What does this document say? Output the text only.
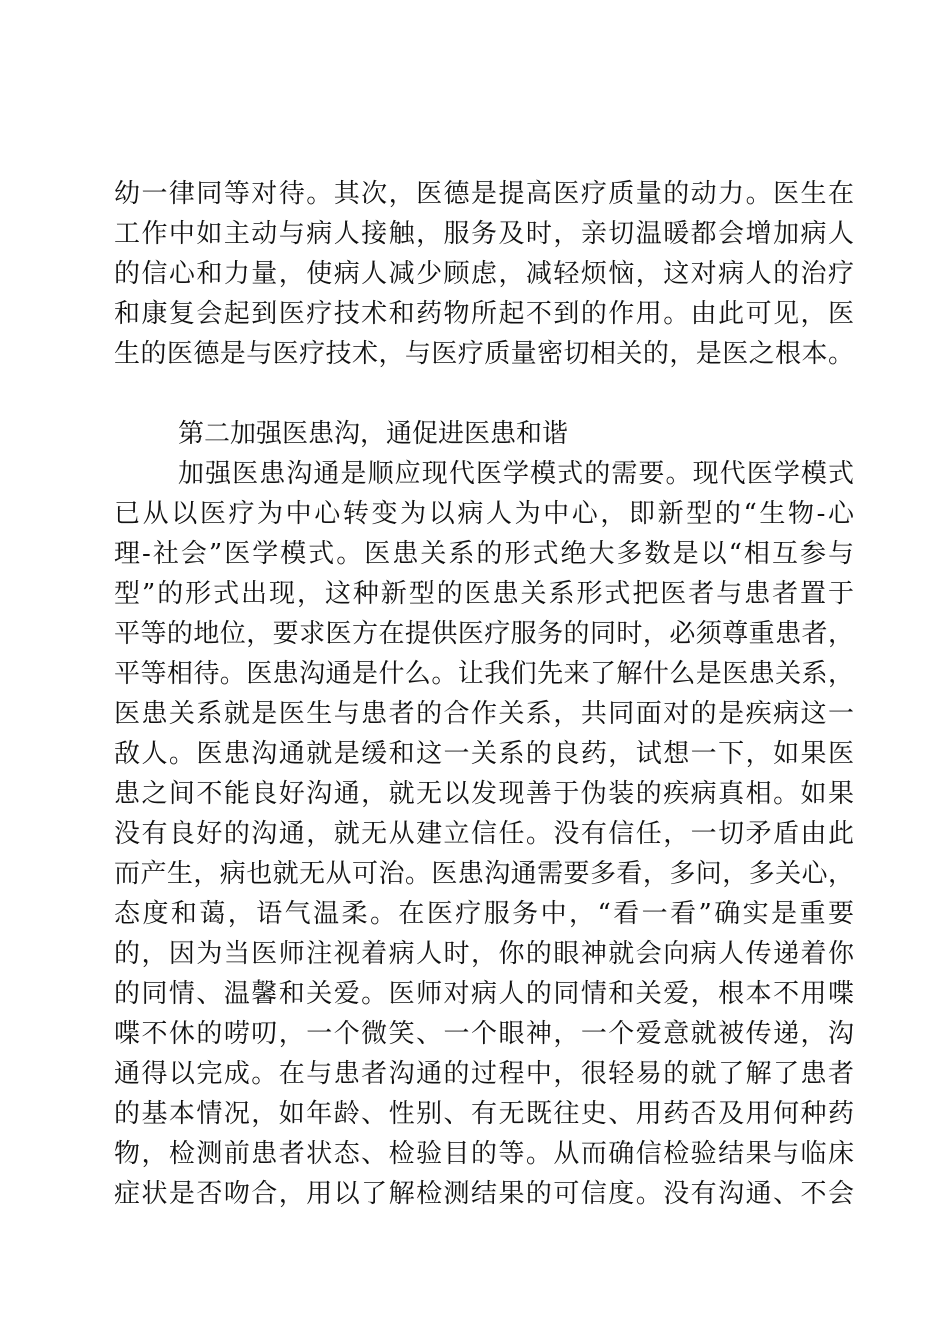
幼一律同等对待。其次，医德是提高医疗质量的动力。医生在
工作中如主动与病人接触，服务及时，亲切温暖都会增加病人
的信心和力量，使病人减少顾虑，减轻烦恼，这对病人的治疗
和康复会起到医疗技术和药物所起不到的作用。由此可见，医
生的医德是与医疗技术，与医疗质量密切相关的，是医之根本。
第二加强医患沟，通促进医患和谐
加强医患沟通是顺应现代医学模式的需要。现代医学模式
已从以医疗为中心转变为以病人为中心，即新型的“生物-心
理-社会”医学模式。医患关系的形式绝大多数是以“相互参与
型”的形式出现，这种新型的医患关系形式把医者与患者置于
平等的地位，要求医方在提供医疗服务的同时，必须尊重患者，
平等相待。医患沟通是什么。让我们先来了解什么是医患关系，
医患关系就是医生与患者的合作关系，共同面对的是疾病这一
敌人。医患沟通就是缓和这一关系的良药，试想一下，如果医
患之间不能良好沟通，就无以发现善于伪装的疾病真相。如果
没有良好的沟通，就无从建立信任。没有信任，一切矛盾由此
而产生，病也就无从可治。医患沟通需要多看，多问，多关心，
态度和蔼，语气温柔。在医疗服务中，“看一看”确实是重要
的，因为当医师注视着病人时，你的眼神就会向病人传递着你
的同情、温馨和关爱。医师对病人的同情和关爱，根本不用喋
喋不休的唠叨，一个微笑、一个眼神，一个爱意就被传递，沟
通得以完成。在与患者沟通的过程中，很轻易的就了解了患者
的基本情况，如年龄、性别、有无既往史、用药否及用何种药
物，检测前患者状态、检验目的等。从而确信检验结果与临床
症状是否吻合，用以了解检测结果的可信度。没有沟通、不会
